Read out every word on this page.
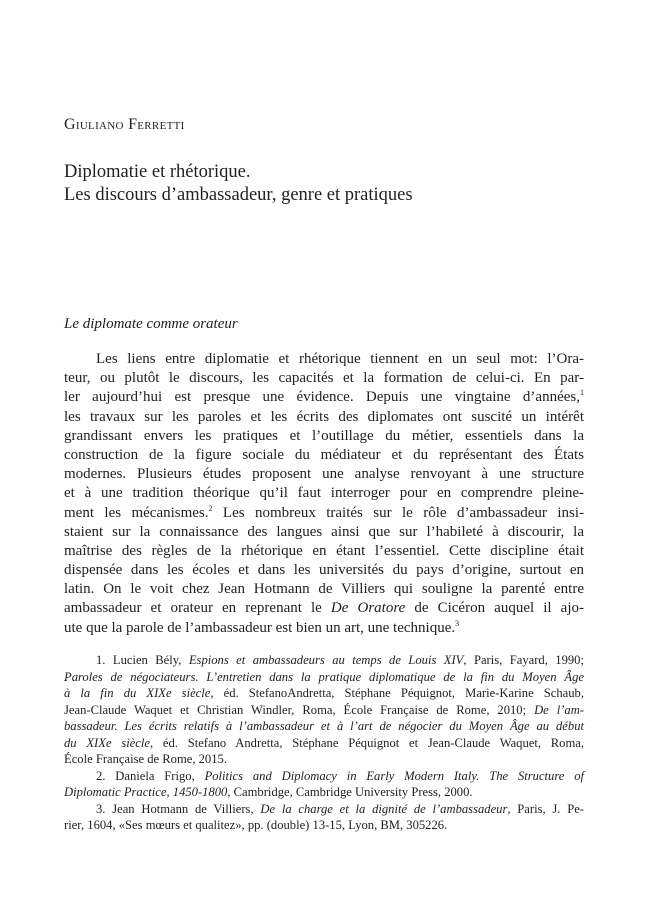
Giuliano Ferretti
Diplomatie et rhétorique.
Les discours d’ambassadeur, genre et pratiques
Le diplomate comme orateur
Les liens entre diplomatie et rhétorique tiennent en un seul mot: l’Ora-
teur, ou plutôt le discours, les capacités et la formation de celui-ci. En par-
ler aujourd’hui est presque une évidence. Depuis une vingtaine d’années,$^1$
les travaux sur les paroles et les écrits des diplomates ont suscité un intérêt
grandissant envers les pratiques et l’outillage du métier, essentiels dans la
construction de la figure sociale du médiateur et du représentant des États
modernes. Plusieurs études proposent une analyse renvoyant à une structure
et à une tradition théorique qu’il faut interroger pour en comprendre pleine-
ment les mécanismes.$^2$ Les nombreux traités sur le rôle d’ambassadeur insi-
staient sur la connaissance des langues ainsi que sur l’habileté à discourir, la
maîtrise des règles de la rhétorique en étant l’essentiel. Cette discipline était
dispensée dans les écoles et dans les universités du pays d’origine, surtout en
latin. On le voit chez Jean Hotmann de Villiers qui souligne la parenté entre
ambassadeur et orateur en reprenant le De Oratore de Cicéron auquel il ajo-
ute que la parole de l’ambassadeur est bien un art, une technique.$^3$
1. Lucien Bély, Espions et ambassadeurs au temps de Louis XIV, Paris, Fayard, 1990;
Paroles de négociateurs. L’entretien dans la pratique diplomatique de la fin du Moyen Âge
à la fin du XIXe siècle, éd. StefanoAndretta, Stéphane Péquignot, Marie-Karine Schaub,
Jean-Claude Waquet et Christian Windler, Roma, École Française de Rome, 2010; De l’am-
bassadeur. Les écrits relatifs à l’ambassadeur et à l’art de négocier du Moyen Âge au début
du XIXe siècle, éd. Stefano Andretta, Stéphane Péquignot et Jean-Claude Waquet, Roma,
École Française de Rome, 2015.
2. Daniela Frigo, Politics and Diplomacy in Early Modern Italy. The Structure of
Diplomatic Practice, 1450-1800, Cambridge, Cambridge University Press, 2000.
3. Jean Hotmann de Villiers, De la charge et la dignité de l’ambassadeur, Paris, J. Pe-
rier, 1604, «Ses mœurs et qualitez», pp. (double) 13-15, Lyon, BM, 305226.
